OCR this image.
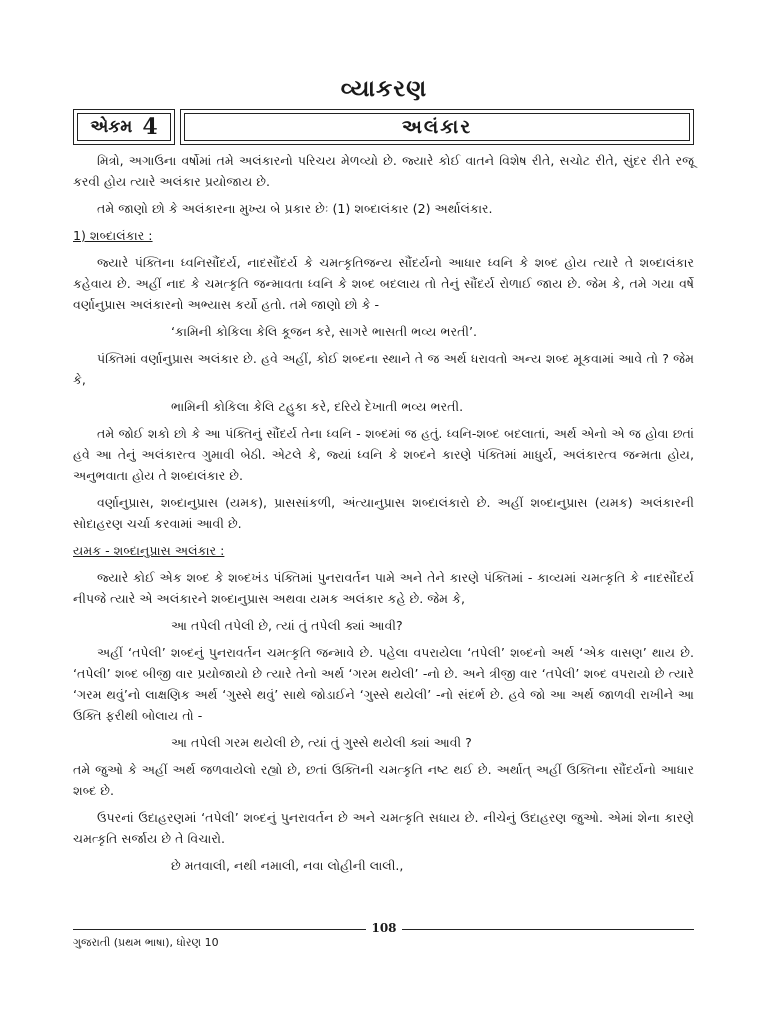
વ્યાકરણ
એકમ 4	અલંકાર

મિત્રો, અગાઉના વર્ષોમાં તમે અલંકારનો પરિચય મેળવ્યો છે. જ્યારે કોઈ વાતને વિશેષ રીતે, સચોટ રીતે, સુંદર રીતે રજૂ કરવી હોય ત્યારે અલંકાર પ્રયોજાય છે.

તમે જાણો છો કે અલંકારના મુખ્ય બે પ્રકાર છેઃ (1) શબ્દાલંકાર (2) અર્થાલંકાર.

1) શબ્દાલંકાર :

જ્યારે પંક્તિના ધ્વનિસૌંદર્ય, નાદસૌંદર્ય કે ચમત્કૃતિજન્ય સૌંદર્યનો આધાર ધ્વનિ કે શબ્દ હોય ત્યારે તે શબ્દાલંકાર કહેવાય છે. અહીં નાદ કે ચમત્કૃતિ જન્માવતા ધ્વનિ કે શબ્દ બદલાય તો તેનું સૌંદર્ય રોળાઈ જાય છે. જેમ કે, તમે ગયા વર્ષે વર્ણાનુપ્રાસ અલંકારનો અભ્યાસ કર્યો હતો. તમે જાણો છો કે -

‘કામિની કોકિલા કેલિ કૂજન કરે, સાગરે ભાસતી ભવ્ય ભરતી’.

પંક્તિમાં વર્ણાનુપ્રાસ અલંકાર છે. હવે અહીં, કોઈ શબ્દના સ્થાને તે જ અર્થ ધરાવતો અન્ય શબ્દ મૂકવામાં આવે તો ? જેમ કે,

ભામિની કોકિલા કેલિ ટહુકા કરે, દરિયે દેખાતી ભવ્ય ભરતી.

તમે જોઈ શકો છો કે આ પંક્તિનું સૌંદર્ય તેના ધ્વનિ - શબ્દમાં જ હતું. ધ્વનિ-શબ્દ બદલાતાં, અર્થ એનો એ જ હોવા છતાં હવે આ તેનું અલંકારત્વ ગુમાવી બેઠી. એટલે કે, જ્યાં ધ્વનિ કે શબ્દને કારણે પંક્તિમાં માધુર્ય, અલંકારત્વ જન્મતા હોય, અનુભવાતા હોય તે શબ્દાલંકાર છે.

વર્ણાનુપ્રાસ, શબ્દાનુપ્રાસ (યમક), પ્રાસસાંકળી, અંત્યાનુપ્રાસ શબ્દાલંકારો છે. અહીં શબ્દાનુપ્રાસ (યમક) અલંકારની સોદાહરણ ચર્ચા કરવામાં આવી છે.

યમક - શબ્દાનુપ્રાસ અલંકાર :

જ્યારે કોઈ એક શબ્દ કે શબ્દખંડ પંક્તિમાં પુનરાવર્તન પામે અને તેને કારણે પંક્તિમાં - કાવ્યમાં ચમત્કૃતિ કે નાદસૌંદર્ય નીપજે ત્યારે એ અલંકારને શબ્દાનુપ્રાસ અથવા યમક અલંકાર કહે છે. જેમ કે,

આ તપેલી તપેલી છે, ત્યાં તું તપેલી ક્યાં આવી?

અહીં ‘તપેલી’ શબ્દનું પુનરાવર્તન ચમત્કૃતિ જન્માવે છે. પહેલા વપરાયેલા ‘તપેલી’ શબ્દનો અર્થ ‘એક વાસણ’ થાય છે. ‘તપેલી’ શબ્દ બીજી વાર પ્રયોજાયો છે ત્યારે તેનો અર્થ ‘ગરમ થયેલી’ -નો છે. અને ત્રીજી વાર ‘તપેલી’ શબ્દ વપરાયો છે ત્યારે ‘ગરમ થવું’નો લાક્ષણિક અર્થ ‘ગુસ્સે થવું’ સાથે જોડાઈને ‘ગુસ્સે થયેલી’ -નો સંદર્ભ છે. હવે જો આ અર્થ જાળવી રાખીને આ ઉક્તિ ફરીથી બોલાય તો -

આ તપેલી ગરમ થયેલી છે, ત્યાં તું ગુસ્સે થયેલી ક્યાં આવી ?

તમે જુઓ કે અહીં અર્થ જળવાયેલો રહ્યો છે, છતાં ઉક્તિની ચમત્કૃતિ નષ્ટ થઈ છે. અર્થાત્ અહીં ઉક્તિના સૌંદર્યનો આધાર શબ્દ છે.

ઉપરનાં ઉદાહરણમાં ‘તપેલી’ શબ્દનું પુનરાવર્તન છે અને ચમત્કૃતિ સધાય છે. નીચેનું ઉદાહરણ જુઓ. એમાં શેના કારણે ચમત્કૃતિ સર્જાય છે તે વિચારો.

છે મતવાલી, નથી નમાલી, નવા લોહીની લાલી.,

108
ગુજરાતી (પ્રથમ ભાષા), ધોરણ 10
